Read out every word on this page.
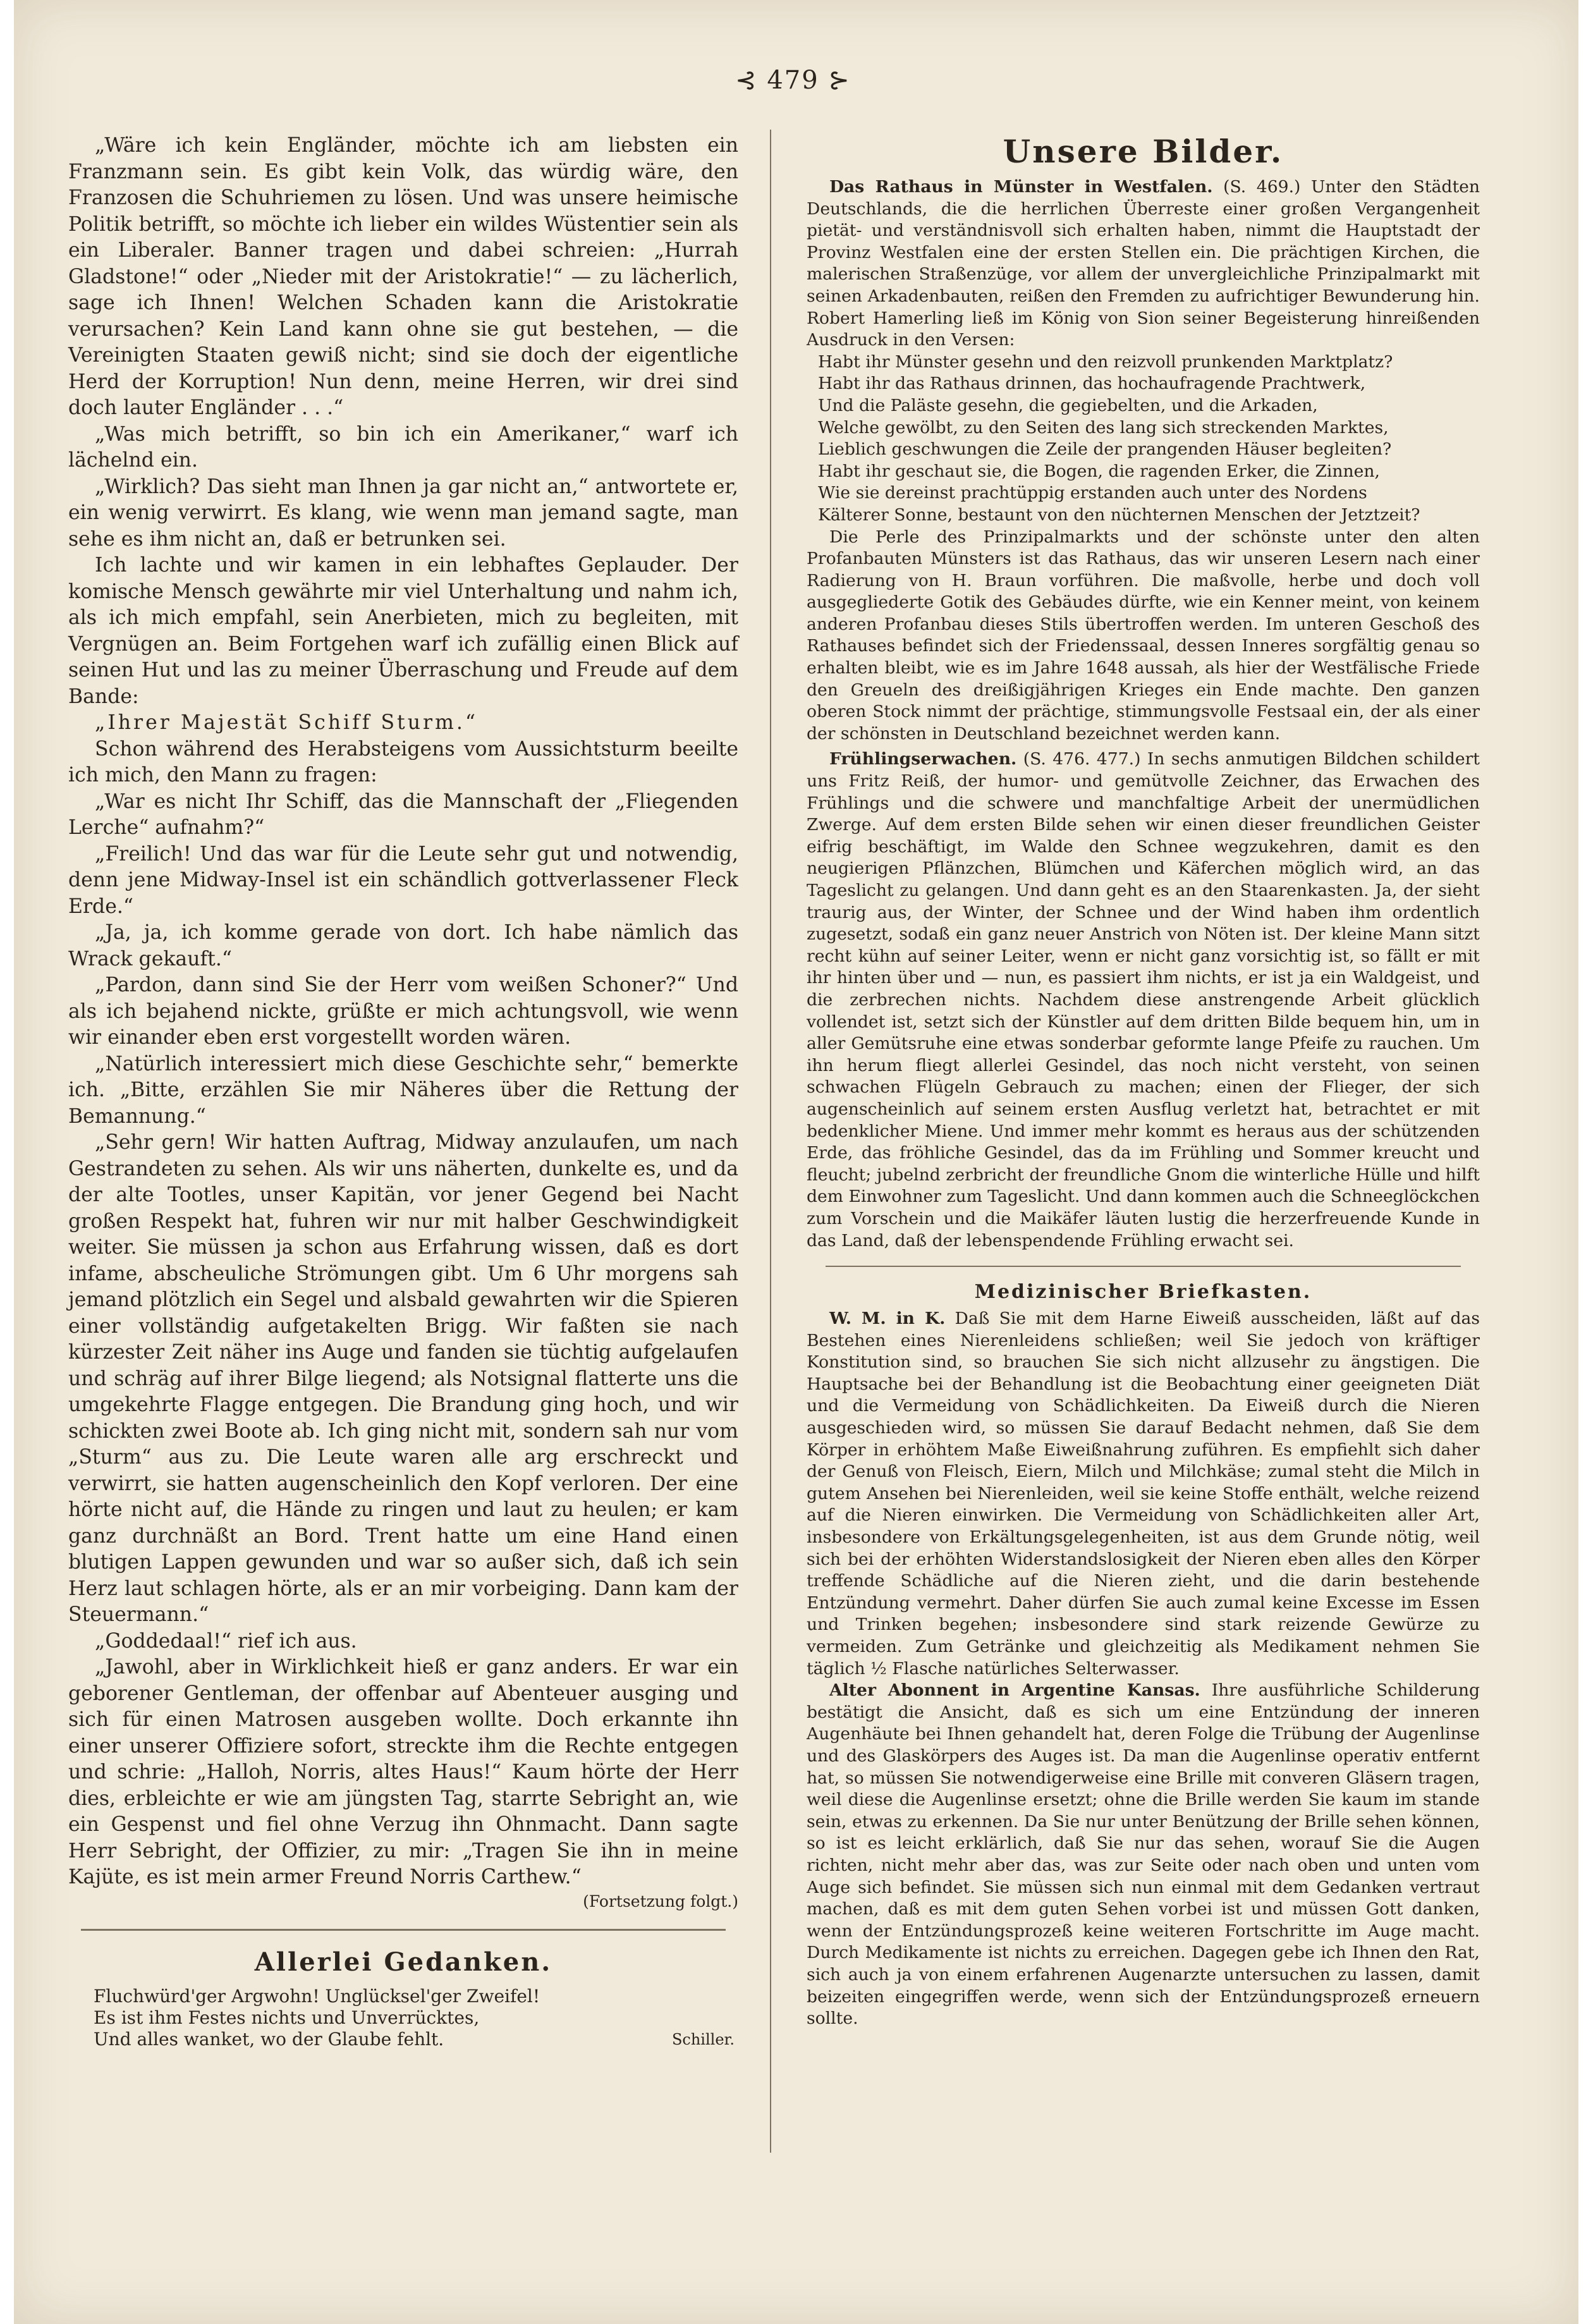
⊰ 479 ⊱

„Wäre ich kein Engländer, möchte ich am liebsten ein Franzmann sein. Es gibt kein Volk, das würdig wäre, den Franzosen die Schuhriemen zu lösen. Und was unsere heimische Politik betrifft, so möchte ich lieber ein wildes Wüstentier sein als ein Liberaler. Banner tragen und dabei schreien: „Hurrah Gladstone!“ oder „Nieder mit der Aristokratie!“ — zu lächerlich, sage ich Ihnen! Welchen Schaden kann die Aristokratie verursachen? Kein Land kann ohne sie gut bestehen, — die Vereinigten Staaten gewiß nicht; sind sie doch der eigentliche Herd der Korruption! Nun denn, meine Herren, wir drei sind doch lauter Engländer . . .“

„Was mich betrifft, so bin ich ein Amerikaner,“ warf ich lächelnd ein.

„Wirklich? Das sieht man Ihnen ja gar nicht an,“ antwortete er, ein wenig verwirrt. Es klang, wie wenn man jemand sagte, man sehe es ihm nicht an, daß er betrunken sei.

Ich lachte und wir kamen in ein lebhaftes Geplauder. Der komische Mensch gewährte mir viel Unterhaltung und nahm ich, als ich mich empfahl, sein Anerbieten, mich zu begleiten, mit Vergnügen an. Beim Fortgehen warf ich zufällig einen Blick auf seinen Hut und las zu meiner Überraschung und Freude auf dem Bande:

„Ihrer Majestät Schiff Sturm.“

Schon während des Herabsteigens vom Aussichtsturm beeilte ich mich, den Mann zu fragen:

„War es nicht Ihr Schiff, das die Mannschaft der „Fliegenden Lerche“ aufnahm?“

„Freilich! Und das war für die Leute sehr gut und notwendig, denn jene Midway-Insel ist ein schändlich gottverlassener Fleck Erde.“

„Ja, ja, ich komme gerade von dort. Ich habe nämlich das Wrack gekauft.“

„Pardon, dann sind Sie der Herr vom weißen Schoner?“ Und als ich bejahend nickte, grüßte er mich achtungsvoll, wie wenn wir einander eben erst vorgestellt worden wären.

„Natürlich interessiert mich diese Geschichte sehr,“ bemerkte ich. „Bitte, erzählen Sie mir Näheres über die Rettung der Bemannung.“

„Sehr gern! Wir hatten Auftrag, Midway anzulaufen, um nach Gestrandeten zu sehen. Als wir uns näherten, dunkelte es, und da der alte Tootles, unser Kapitän, vor jener Gegend bei Nacht großen Respekt hat, fuhren wir nur mit halber Geschwindigkeit weiter. Sie müssen ja schon aus Erfahrung wissen, daß es dort infame, abscheuliche Strömungen gibt. Um 6 Uhr morgens sah jemand plötzlich ein Segel und alsbald gewahrten wir die Spieren einer vollständig aufgetakelten Brigg. Wir faßten sie nach kürzester Zeit näher ins Auge und fanden sie tüchtig aufgelaufen und schräg auf ihrer Bilge liegend; als Notsignal flatterte uns die umgekehrte Flagge entgegen. Die Brandung ging hoch, und wir schickten zwei Boote ab. Ich ging nicht mit, sondern sah nur vom „Sturm“ aus zu. Die Leute waren alle arg erschreckt und verwirrt, sie hatten augenscheinlich den Kopf verloren. Der eine hörte nicht auf, die Hände zu ringen und laut zu heulen; er kam ganz durchnäßt an Bord. Trent hatte um eine Hand einen blutigen Lappen gewunden und war so außer sich, daß ich sein Herz laut schlagen hörte, als er an mir vorbeiging. Dann kam der Steuermann.“

„Goddedaal!“ rief ich aus.

„Jawohl, aber in Wirklichkeit hieß er ganz anders. Er war ein geborener Gentleman, der offenbar auf Abenteuer ausging und sich für einen Matrosen ausgeben wollte. Doch erkannte ihn einer unserer Offiziere sofort, streckte ihm die Rechte entgegen und schrie: „Halloh, Norris, altes Haus!“ Kaum hörte der Herr dies, erbleichte er wie am jüngsten Tag, starrte Sebright an, wie ein Gespenst und fiel ohne Verzug ihn Ohnmacht. Dann sagte Herr Sebright, der Offizier, zu mir: „Tragen Sie ihn in meine Kajüte, es ist mein armer Freund Norris Carthew.“

(Fortsetzung folgt.)

Allerlei Gedanken.

Fluchwürd'ger Argwohn! Unglücksel'ger Zweifel!

Es ist ihm Festes nichts und Unverrücktes,

Und alles wanket, wo der Glaube fehlt.	Schiller.
Unsere Bilder.

Das Rathaus in Münster in Westfalen. (S. 469.) Unter den Städten Deutschlands, die die herrlichen Überreste einer großen Vergangenheit pietät- und verständnisvoll sich erhalten haben, nimmt die Hauptstadt der Provinz Westfalen eine der ersten Stellen ein. Die prächtigen Kirchen, die malerischen Straßenzüge, vor allem der unvergleichliche Prinzipalmarkt mit seinen Arkadenbauten, reißen den Fremden zu aufrichtiger Bewunderung hin. Robert Hamerling ließ im König von Sion seiner Begeisterung hinreißenden Ausdruck in den Versen:

Habt ihr Münster gesehn und den reizvoll prunkenden Marktplatz?

Habt ihr das Rathaus drinnen, das hochaufragende Prachtwerk,

Und die Paläste gesehn, die gegiebelten, und die Arkaden,

Welche gewölbt, zu den Seiten des lang sich streckenden Marktes,

Lieblich geschwungen die Zeile der prangenden Häuser begleiten?

Habt ihr geschaut sie, die Bogen, die ragenden Erker, die Zinnen,

Wie sie dereinst prachtüppig erstanden auch unter des Nordens

Kälterer Sonne, bestaunt von den nüchternen Menschen der Jetztzeit?

Die Perle des Prinzipalmarkts und der schönste unter den alten Profanbauten Münsters ist das Rathaus, das wir unseren Lesern nach einer Radierung von H. Braun vorführen. Die maßvolle, herbe und doch voll ausgegliederte Gotik des Gebäudes dürfte, wie ein Kenner meint, von keinem anderen Profanbau dieses Stils übertroffen werden. Im unteren Geschoß des Rathauses befindet sich der Friedenssaal, dessen Inneres sorgfältig genau so erhalten bleibt, wie es im Jahre 1648 aussah, als hier der Westfälische Friede den Greueln des dreißigjährigen Krieges ein Ende machte. Den ganzen oberen Stock nimmt der prächtige, stimmungsvolle Festsaal ein, der als einer der schönsten in Deutschland bezeichnet werden kann.

Frühlingserwachen. (S. 476. 477.) In sechs anmutigen Bildchen schildert uns Fritz Reiß, der humor- und gemütvolle Zeichner, das Erwachen des Frühlings und die schwere und manchfaltige Arbeit der unermüdlichen Zwerge. Auf dem ersten Bilde sehen wir einen dieser freundlichen Geister eifrig beschäftigt, im Walde den Schnee wegzukehren, damit es den neugierigen Pflänzchen, Blümchen und Käferchen möglich wird, an das Tageslicht zu gelangen. Und dann geht es an den Staarenkasten. Ja, der sieht traurig aus, der Winter, der Schnee und der Wind haben ihm ordentlich zugesetzt, sodaß ein ganz neuer Anstrich von Nöten ist. Der kleine Mann sitzt recht kühn auf seiner Leiter, wenn er nicht ganz vorsichtig ist, so fällt er mit ihr hinten über und — nun, es passiert ihm nichts, er ist ja ein Waldgeist, und die zerbrechen nichts. Nachdem diese anstrengende Arbeit glücklich vollendet ist, setzt sich der Künstler auf dem dritten Bilde bequem hin, um in aller Gemütsruhe eine etwas sonderbar geformte lange Pfeife zu rauchen. Um ihn herum fliegt allerlei Gesindel, das noch nicht versteht, von seinen schwachen Flügeln Gebrauch zu machen; einen der Flieger, der sich augenscheinlich auf seinem ersten Ausflug verletzt hat, betrachtet er mit bedenklicher Miene. Und immer mehr kommt es heraus aus der schützenden Erde, das fröhliche Gesindel, das da im Frühling und Sommer kreucht und fleucht; jubelnd zerbricht der freundliche Gnom die winterliche Hülle und hilft dem Einwohner zum Tageslicht. Und dann kommen auch die Schneeglöckchen zum Vorschein und die Maikäfer läuten lustig die herzerfreuende Kunde in das Land, daß der lebenspendende Frühling erwacht sei.

Medizinischer Briefkasten.

W. M. in K. Daß Sie mit dem Harne Eiweiß ausscheiden, läßt auf das Bestehen eines Nierenleidens schließen; weil Sie jedoch von kräftiger Konstitution sind, so brauchen Sie sich nicht allzusehr zu ängstigen. Die Hauptsache bei der Behandlung ist die Beobachtung einer geeigneten Diät und die Vermeidung von Schädlichkeiten. Da Eiweiß durch die Nieren ausgeschieden wird, so müssen Sie darauf Bedacht nehmen, daß Sie dem Körper in erhöhtem Maße Eiweißnahrung zuführen. Es empfiehlt sich daher der Genuß von Fleisch, Eiern, Milch und Milchkäse; zumal steht die Milch in gutem Ansehen bei Nierenleiden, weil sie keine Stoffe enthält, welche reizend auf die Nieren einwirken. Die Vermeidung von Schädlichkeiten aller Art, insbesondere von Erkältungsgelegenheiten, ist aus dem Grunde nötig, weil sich bei der erhöhten Widerstandslosigkeit der Nieren eben alles den Körper treffende Schädliche auf die Nieren zieht, und die darin bestehende Entzündung vermehrt. Daher dürfen Sie auch zumal keine Excesse im Essen und Trinken begehen; insbesondere sind stark reizende Gewürze zu vermeiden. Zum Getränke und gleichzeitig als Medikament nehmen Sie täglich ½ Flasche natürliches Selterwasser.

Alter Abonnent in Argentine Kansas. Ihre ausführliche Schilderung bestätigt die Ansicht, daß es sich um eine Entzündung der inneren Augenhäute bei Ihnen gehandelt hat, deren Folge die Trübung der Augenlinse und des Glaskörpers des Auges ist. Da man die Augenlinse operativ entfernt hat, so müssen Sie notwendigerweise eine Brille mit converen Gläsern tragen, weil diese die Augenlinse ersetzt; ohne die Brille werden Sie kaum im stande sein, etwas zu erkennen. Da Sie nur unter Benützung der Brille sehen können, so ist es leicht erklärlich, daß Sie nur das sehen, worauf Sie die Augen richten, nicht mehr aber das, was zur Seite oder nach oben und unten vom Auge sich befindet. Sie müssen sich nun einmal mit dem Gedanken vertraut machen, daß es mit dem guten Sehen vorbei ist und müssen Gott danken, wenn der Entzündungsprozeß keine weiteren Fortschritte im Auge macht. Durch Medikamente ist nichts zu erreichen. Dagegen gebe ich Ihnen den Rat, sich auch ja von einem erfahrenen Augenarzte untersuchen zu lassen, damit beizeiten eingegriffen werde, wenn sich der Entzündungsprozeß erneuern sollte.
